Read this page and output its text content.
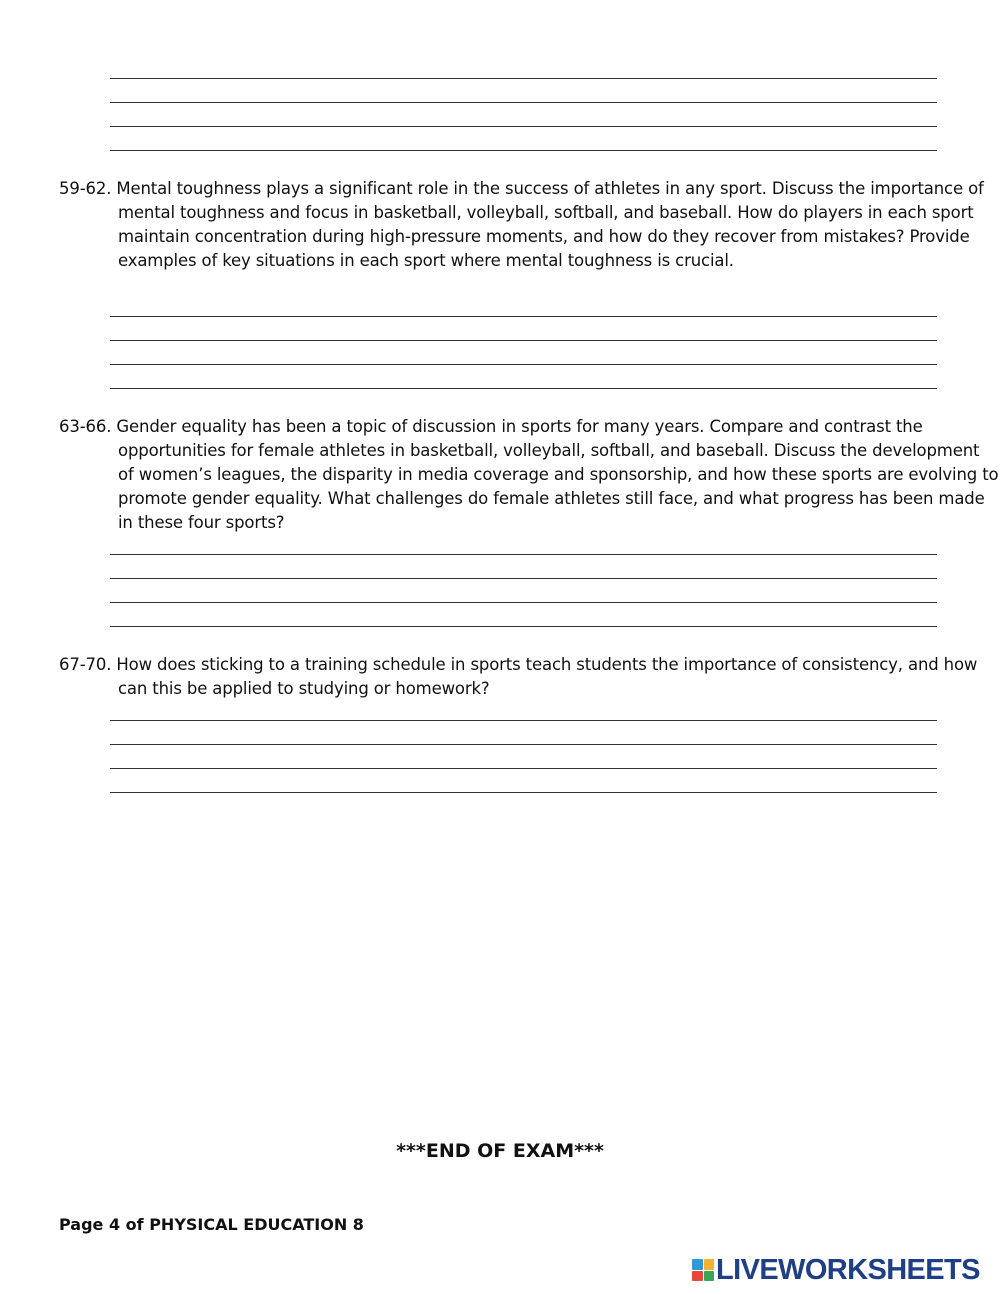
59-62. Mental toughness plays a significant role in the success of athletes in any sport. Discuss the importance of mental toughness and focus in basketball, volleyball, softball, and baseball. How do players in each sport maintain concentration during high-pressure moments, and how do they recover from mistakes? Provide examples of key situations in each sport where mental toughness is crucial.
63-66. Gender equality has been a topic of discussion in sports for many years. Compare and contrast the opportunities for female athletes in basketball, volleyball, softball, and baseball. Discuss the development of women’s leagues, the disparity in media coverage and sponsorship, and how these sports are evolving to promote gender equality. What challenges do female athletes still face, and what progress has been made in these four sports?
67-70. How does sticking to a training schedule in sports teach students the importance of consistency, and how can this be applied to studying or homework?
***END OF EXAM***
Page 4 of PHYSICAL EDUCATION 8
LIVEWORKSHEETS
